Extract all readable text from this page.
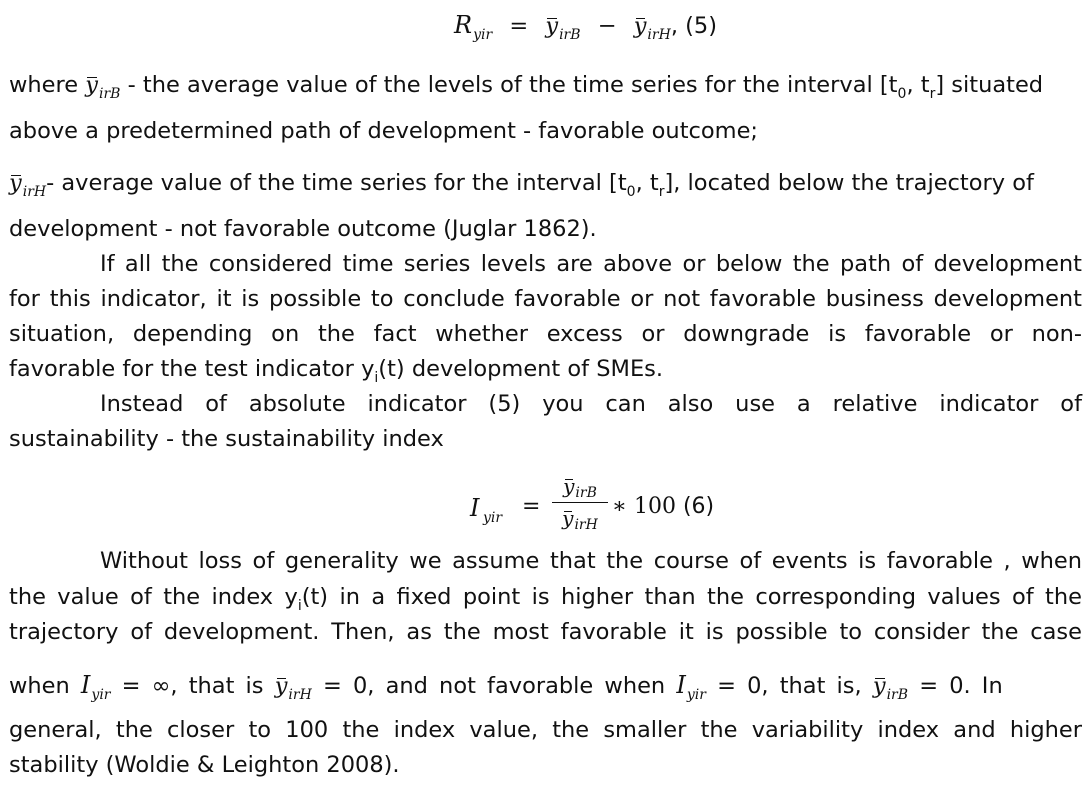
$R_{yir} = y_{irB} - y_{irH}$, (5)
where $y_{irB}$ - the average value of the levels of the time series for the interval [$t_0$, $t_r$] situated
above a predetermined path of development - favorable outcome;
$y_{irH}-$ average value of the time series for the interval [$t_0$, $t_r$], located below the trajectory of
development - not favorable outcome (Juglar 1862).
If all the considered time series levels are above or below the path of development
for this indicator, it is possible to conclude favorable or not favorable business development
situation, depending on the fact whether excess or downgrade is favorable or non-
favorable for the test indicator $y_i(t)$ development of SMEs.
Instead of absolute indicator (5) you can also use a relative indicator of
sustainability - the sustainability index
I yir =
$y_{irB}$
$y_{irH}$
∗ 100 (6)
Without loss of generality we assume that the course of events is favorable , when
the value of the index $y_i(t)$ in a fixed point is higher than the corresponding values of the
trajectory of development. Then, as the most favorable it is possible to consider the case
when $I_{yir}$ = ∞, that is $y_{irH} = 0$, and not favorable when $I_{yir} = 0$, that is, $y_{irB} = 0$. In
general, the closer to 100 the index value, the smaller the variability index and higher
stability (Woldie & Leighton 2008).
